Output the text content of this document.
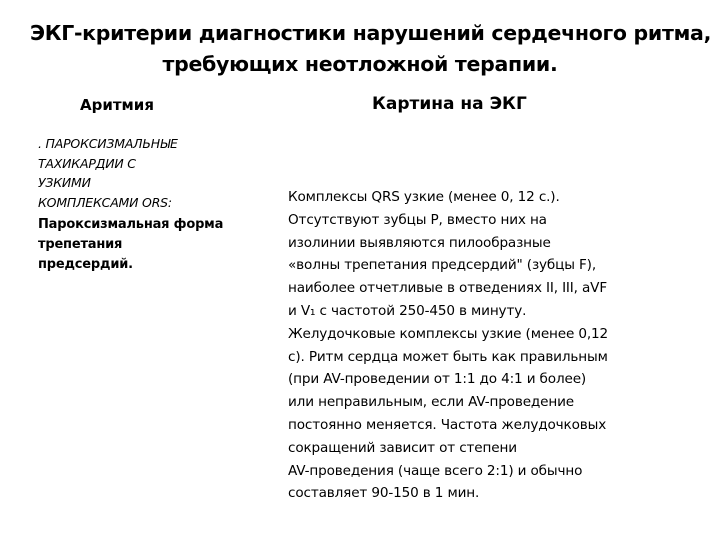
ЭКГ-критерии диагностики нарушений сердечного ритма,
требующих неотложной терапии.
Аритмия	Картина на ЭКГ

. ПАРОКСИЗМАЛЬНЫЕ
ТАХИКАРДИИ С
УЗКИМИ
КОМПЛЕКСАМИ ORS:

Пароксизмальная форма
трепетания
предсердий.

Комплексы QRS узкие (менее 0, 12 с.).
Отсутствуют зубцы Р, вместо них на
изолинии выявляются пилообразные
«волны трепетания предсердий" (зубцы F),
наиболее отчетливые в отведениях II, III, aVF
и V₁ с частотой 250-450 в минуту.
Желудочковые комплексы узкие (менее 0,12
с). Ритм сердца может быть как правильным
(при AV-проведении от 1:1 до 4:1 и более)
или неправильным, если AV-проведение
постоянно меняется. Частота желудочковых
сокращений зависит от степени
AV-проведения (чаще всего 2:1) и обычно
составляет 90-150 в 1 мин.
